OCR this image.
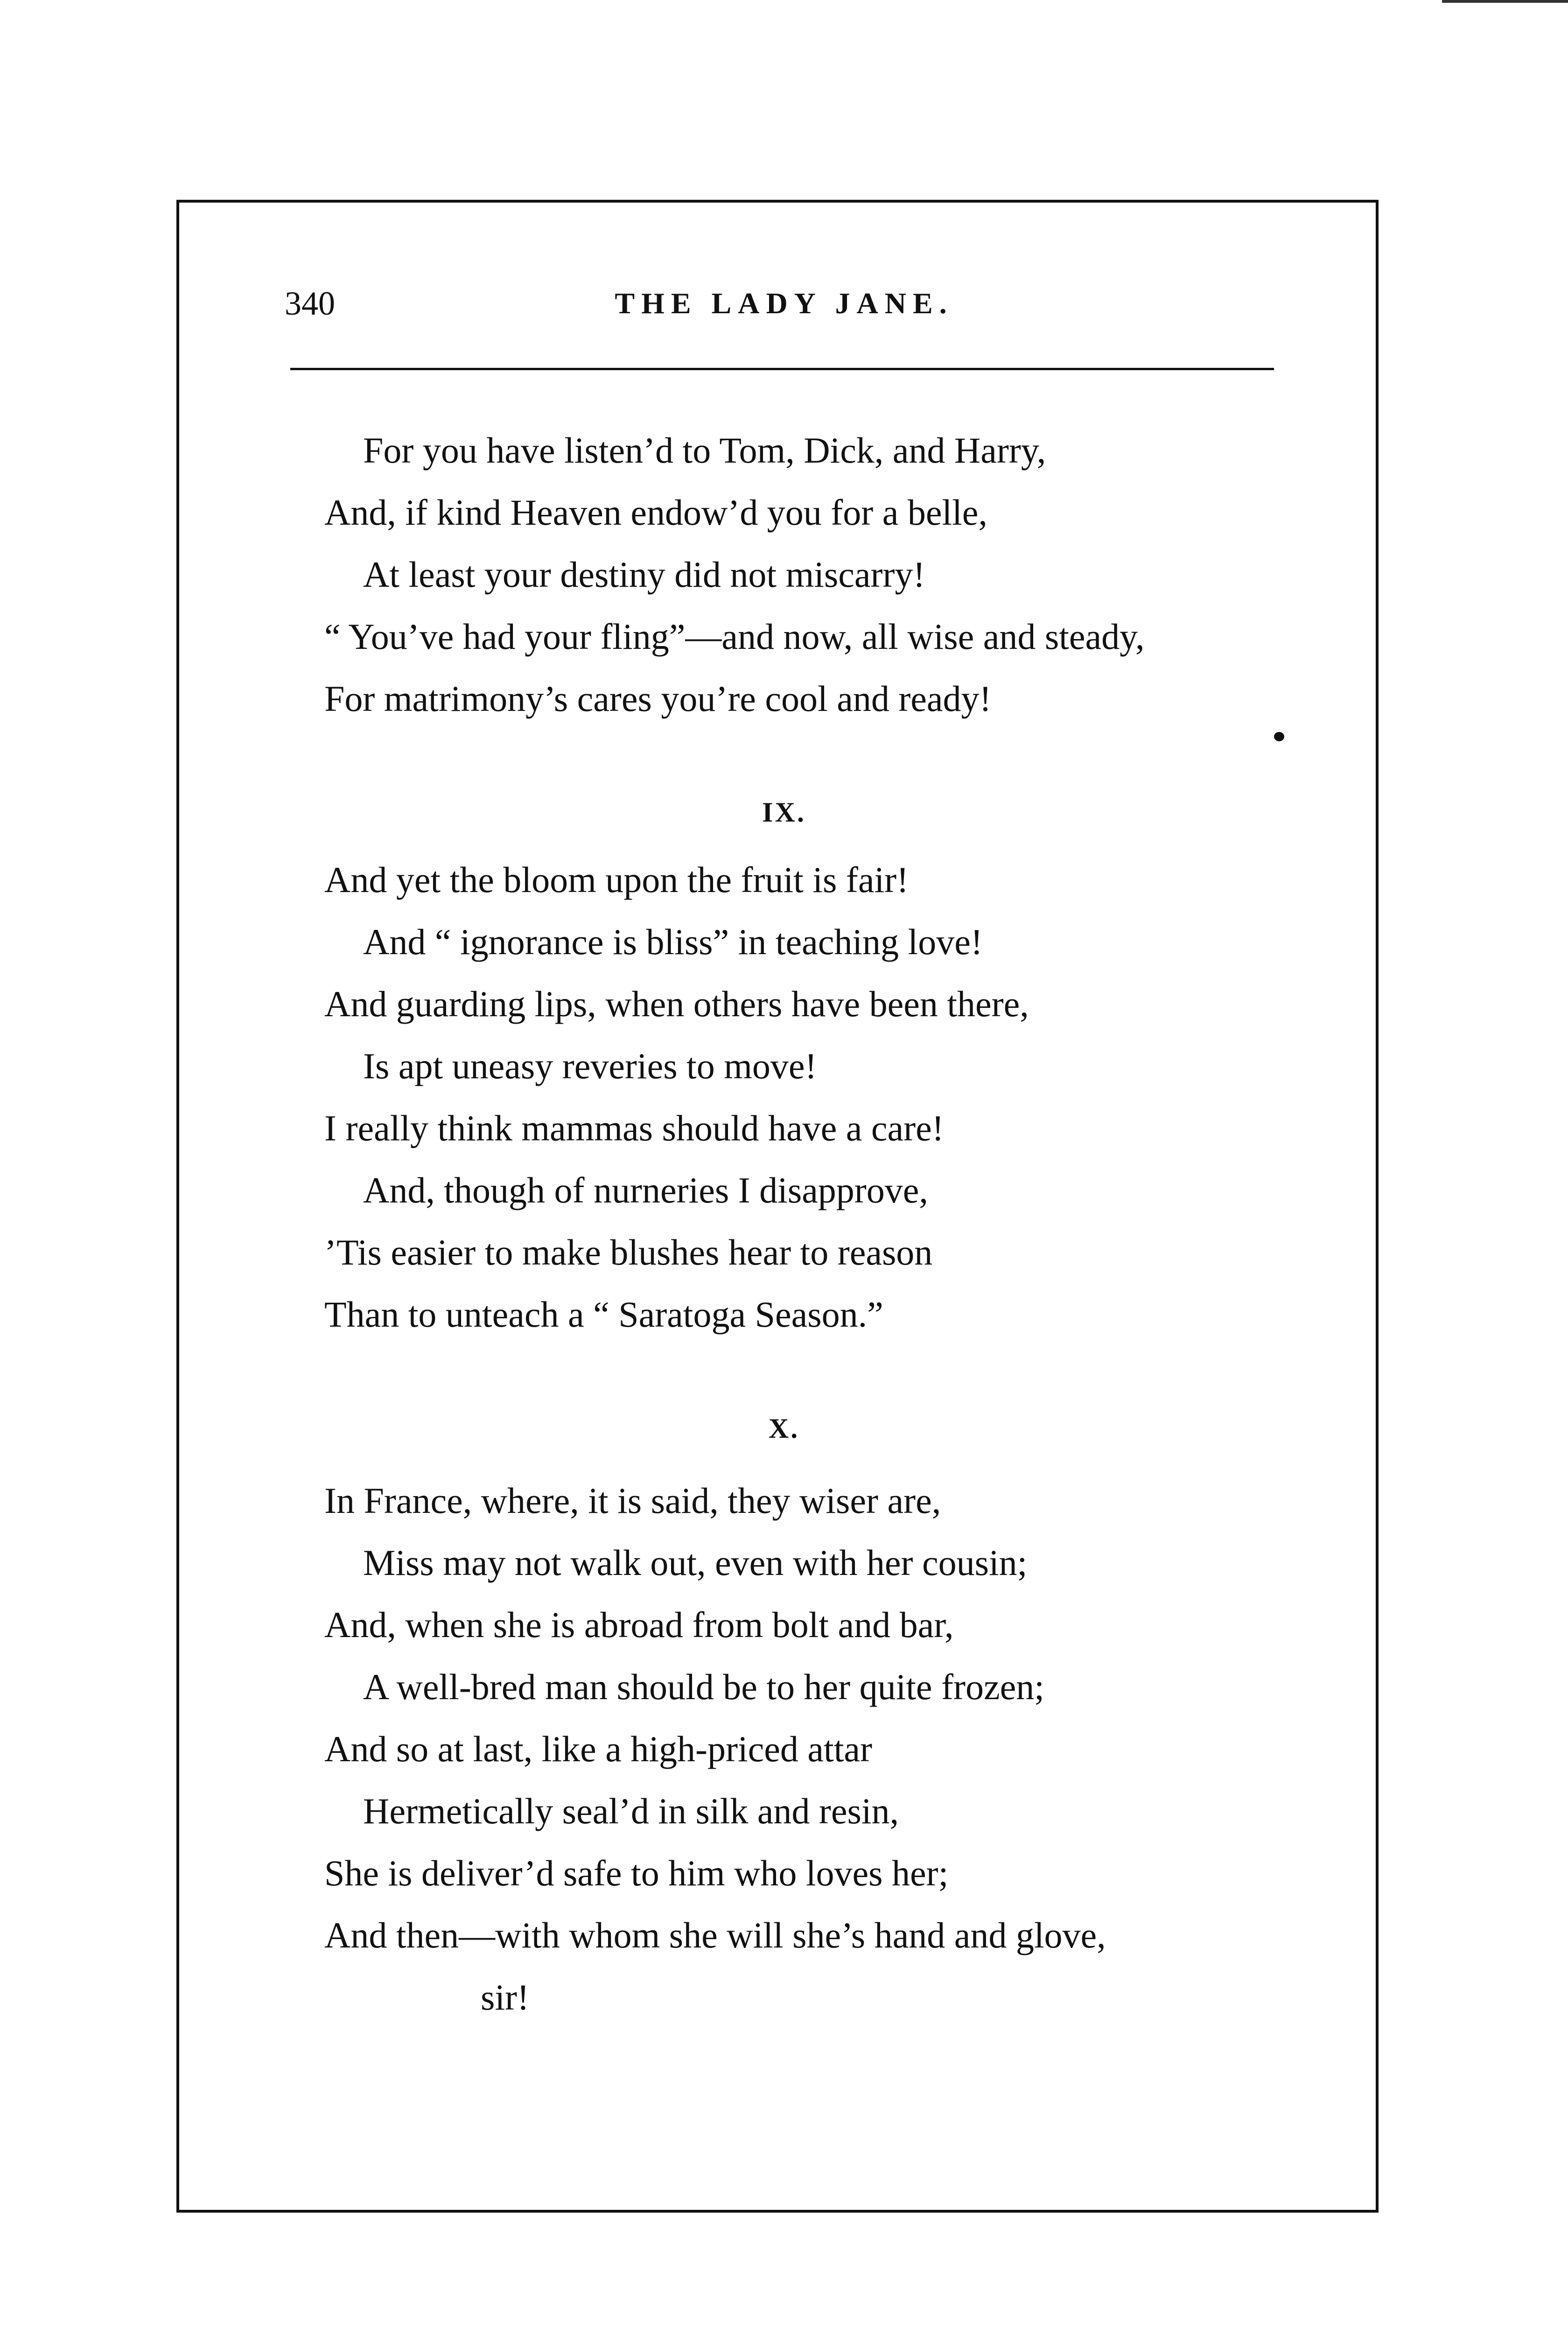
340	THE LADY JANE.
For you have listen’d to Tom, Dick, and Harry,
And, if kind Heaven endow’d you for a belle,
At least your destiny did not miscarry!
“ You’ve had your fling”—and now, all wise and steady,
For matrimony’s cares you’re cool and ready!
IX.
And yet the bloom upon the fruit is fair!
And “ ignorance is bliss” in teaching love!
And guarding lips, when others have been there,
Is apt uneasy reveries to move!
I really think mammas should have a care!
And, though of nurneries I disapprove,
’Tis easier to make blushes hear to reason
Than to unteach a “ Saratoga Season.”
X.
In France, where, it is said, they wiser are,
Miss may not walk out, even with her cousin;
And, when she is abroad from bolt and bar,
A well-bred man should be to her quite frozen;
And so at last, like a high-priced attar
Hermetically seal’d in silk and resin,
She is deliver’d safe to him who loves her;
And then—with whom she will she’s hand and glove,
sir!
